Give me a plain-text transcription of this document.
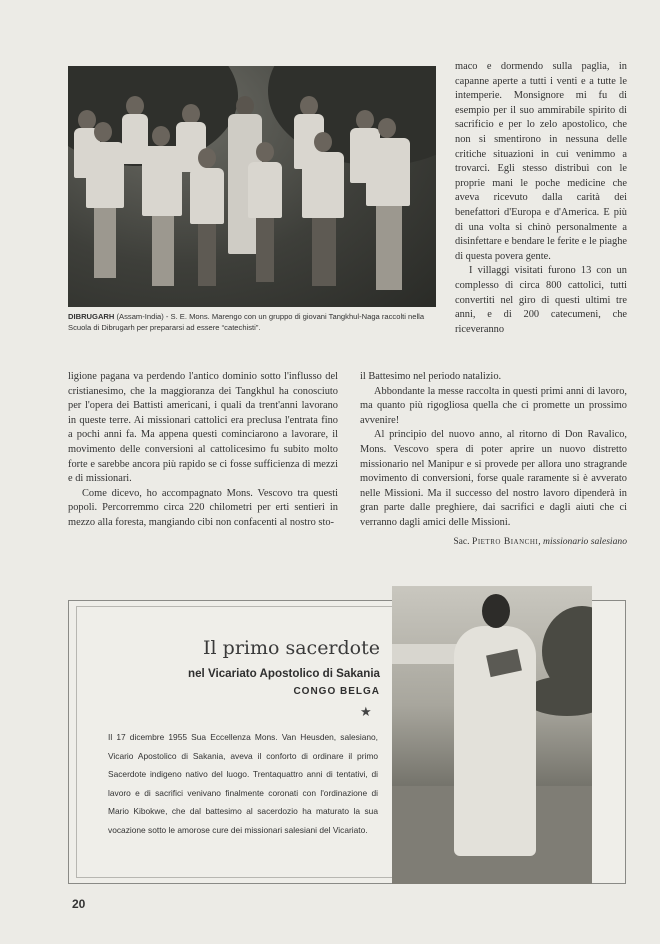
DIBRUGARH (Assam-India) - S. E. Mons. Marengo con un gruppo di giovani Tangkhul-Naga raccolti nella Scuola di Dibrugarh per prepararsi ad essere “catechisti”.

maco e dormendo sulla paglia, in capanne aperte a tutti i venti e a tutte le intemperie. Monsignore mi fu di esempio per il suo ammirabile spirito di sacrificio e per lo zelo apostolico, che non si smentirono in nessuna delle critiche situazioni in cui venimmo a trovarci. Egli stesso distribuì con le proprie mani le poche medicine che aveva ricevuto dalla carità dei benefattori d'Europa e d'America. E più di una volta si chinò personalmente a disinfettare e bendare le ferite e le piaghe di questa povera gente.

I villaggi visitati furono 13 con un complesso di circa 800 cattolici, tutti convertiti nel giro di questi ultimi tre anni, e di 200 catecumeni, che riceveranno

ligione pagana va perdendo l'antico dominio sotto l'influsso del cristianesimo, che la maggioranza dei Tangkhul ha conosciuto per l'opera dei Battisti americani, i quali da trent'anni lavorano in queste terre. Ai missionari cattolici era preclusa l'entrata fino a pochi anni fa. Ma appena questi cominciarono a lavorare, il movimento delle conversioni al cattolicesimo fu subito molto forte e sarebbe ancora più rapido se ci fosse sufficienza di mezzi e di missionari.

Come dicevo, ho accompagnato Mons. Vescovo tra questi popoli. Percorremmo circa 220 chilometri per erti sentieri in mezzo alla foresta, mangiando cibi non confacenti al nostro sto-

il Battesimo nel periodo natalizio.

Abbondante la messe raccolta in questi primi anni di lavoro, ma quanto più rigogliosa quella che ci promette un prossimo avvenire!

Al principio del nuovo anno, al ritorno di Don Ravalico, Mons. Vescovo spera di poter aprire un nuovo distretto missionario nel Manipur e si provede per allora uno stragrande movimento di conversioni, forse quale raramente si è avverato nelle Missioni. Ma il successo del nostro lavoro dipenderà in gran parte dalle preghiere, dai sacrifici e dagli aiuti che ci verranno dagli amici delle Missioni.

Sac. Pietro Bianchi, missionario salesiano
Il primo sacerdote
nel Vicariato Apostolico di Sakania
CONGO BELGA
★
Il 17 dicembre 1955 Sua Eccellenza Mons. Van Heusden, salesiano, Vicario Apostolico di Sakania, aveva il conforto di ordinare il primo Sacerdote indigeno nativo del luogo. Trentaquattro anni di tentativi, di lavoro e di sacrifici venivano finalmente coronati con l'ordinazione di Mario Kibokwe, che dal battesimo al sacerdozio ha maturato la sua vocazione sotto le amorose cure dei missionari salesiani del Vicariato.
20
